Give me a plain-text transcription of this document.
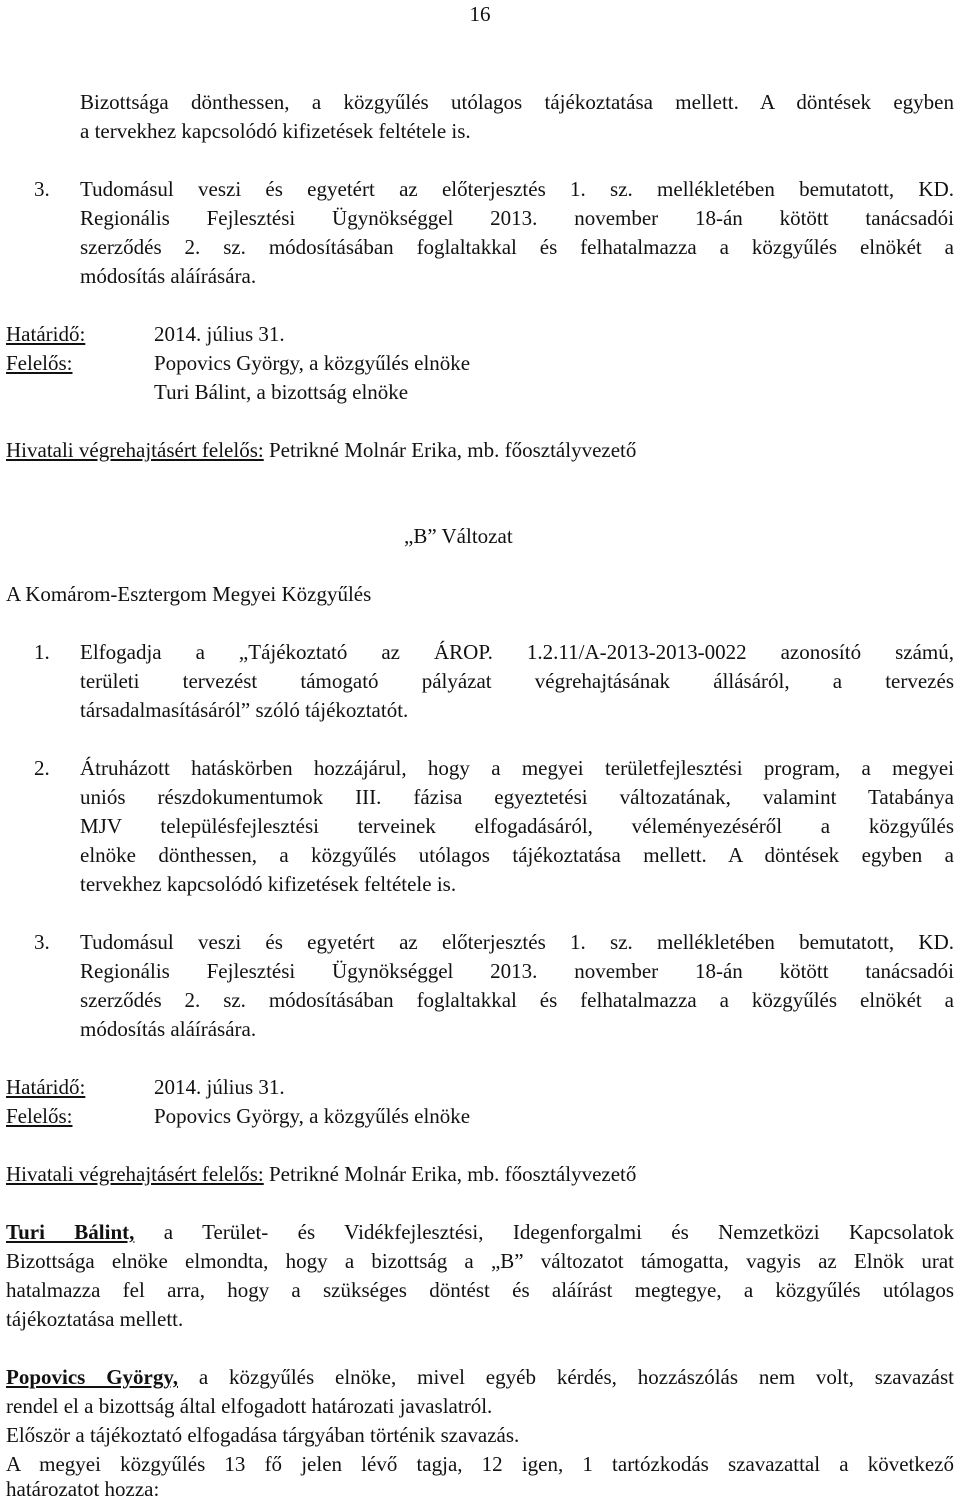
16
Bizottsága dönthessen, a közgyűlés utólagos tájékoztatása mellett. A döntések egyben
a tervekhez kapcsolódó kifizetések feltétele is.
3. Tudomásul veszi és egyetért az előterjesztés 1. sz. mellékletében bemutatott, KD.
Regionális Fejlesztési Ügynökséggel 2013. november 18-án kötött tanácsadói
szerződés 2. sz. módosításában foglaltakkal és felhatalmazza a közgyűlés elnökét a
módosítás aláírására.
Határidő:	2014. július 31.
Felelős:	Popovics György, a közgyűlés elnöke
Turi Bálint, a bizottság elnöke
Hivatali végrehajtásért felelős: Petrikné Molnár Erika, mb. főosztályvezető
„B” Változat
A Komárom-Esztergom Megyei Közgyűlés
1. Elfogadja a „Tájékoztató az ÁROP. 1.2.11/A-2013-2013-0022 azonosító számú,
területi tervezést támogató pályázat végrehajtásának állásáról, a tervezés
társadalmasításáról” szóló tájékoztatót.
2. Átruházott hatáskörben hozzájárul, hogy a megyei területfejlesztési program, a megyei
uniós részdokumentumok III. fázisa egyeztetési változatának, valamint Tatabánya
MJV településfejlesztési terveinek elfogadásáról, véleményezéséről a közgyűlés
elnöke dönthessen, a közgyűlés utólagos tájékoztatása mellett. A döntések egyben a
tervekhez kapcsolódó kifizetések feltétele is.
3. Tudomásul veszi és egyetért az előterjesztés 1. sz. mellékletében bemutatott, KD.
Regionális Fejlesztési Ügynökséggel 2013. november 18-án kötött tanácsadói
szerződés 2. sz. módosításában foglaltakkal és felhatalmazza a közgyűlés elnökét a
módosítás aláírására.
Határidő:	2014. július 31.
Felelős:	Popovics György, a közgyűlés elnöke
Hivatali végrehajtásért felelős: Petrikné Molnár Erika, mb. főosztályvezető
Turi Bálint, a Terület- és Vidékfejlesztési, Idegenforgalmi és Nemzetközi Kapcsolatok
Bizottsága elnöke elmondta, hogy a bizottság a „B” változatot támogatta, vagyis az Elnök urat
hatalmazza fel arra, hogy a szükséges döntést és aláírást megtegye, a közgyűlés utólagos
tájékoztatása mellett.
Popovics György, a közgyűlés elnöke, mivel egyéb kérdés, hozzászólás nem volt, szavazást
rendel el a bizottság által elfogadott határozati javaslatról.
Először a tájékoztató elfogadása tárgyában történik szavazás.
A megyei közgyűlés 13 fő jelen lévő tagja, 12 igen, 1 tartózkodás szavazattal a következő
határozatot hozza:
